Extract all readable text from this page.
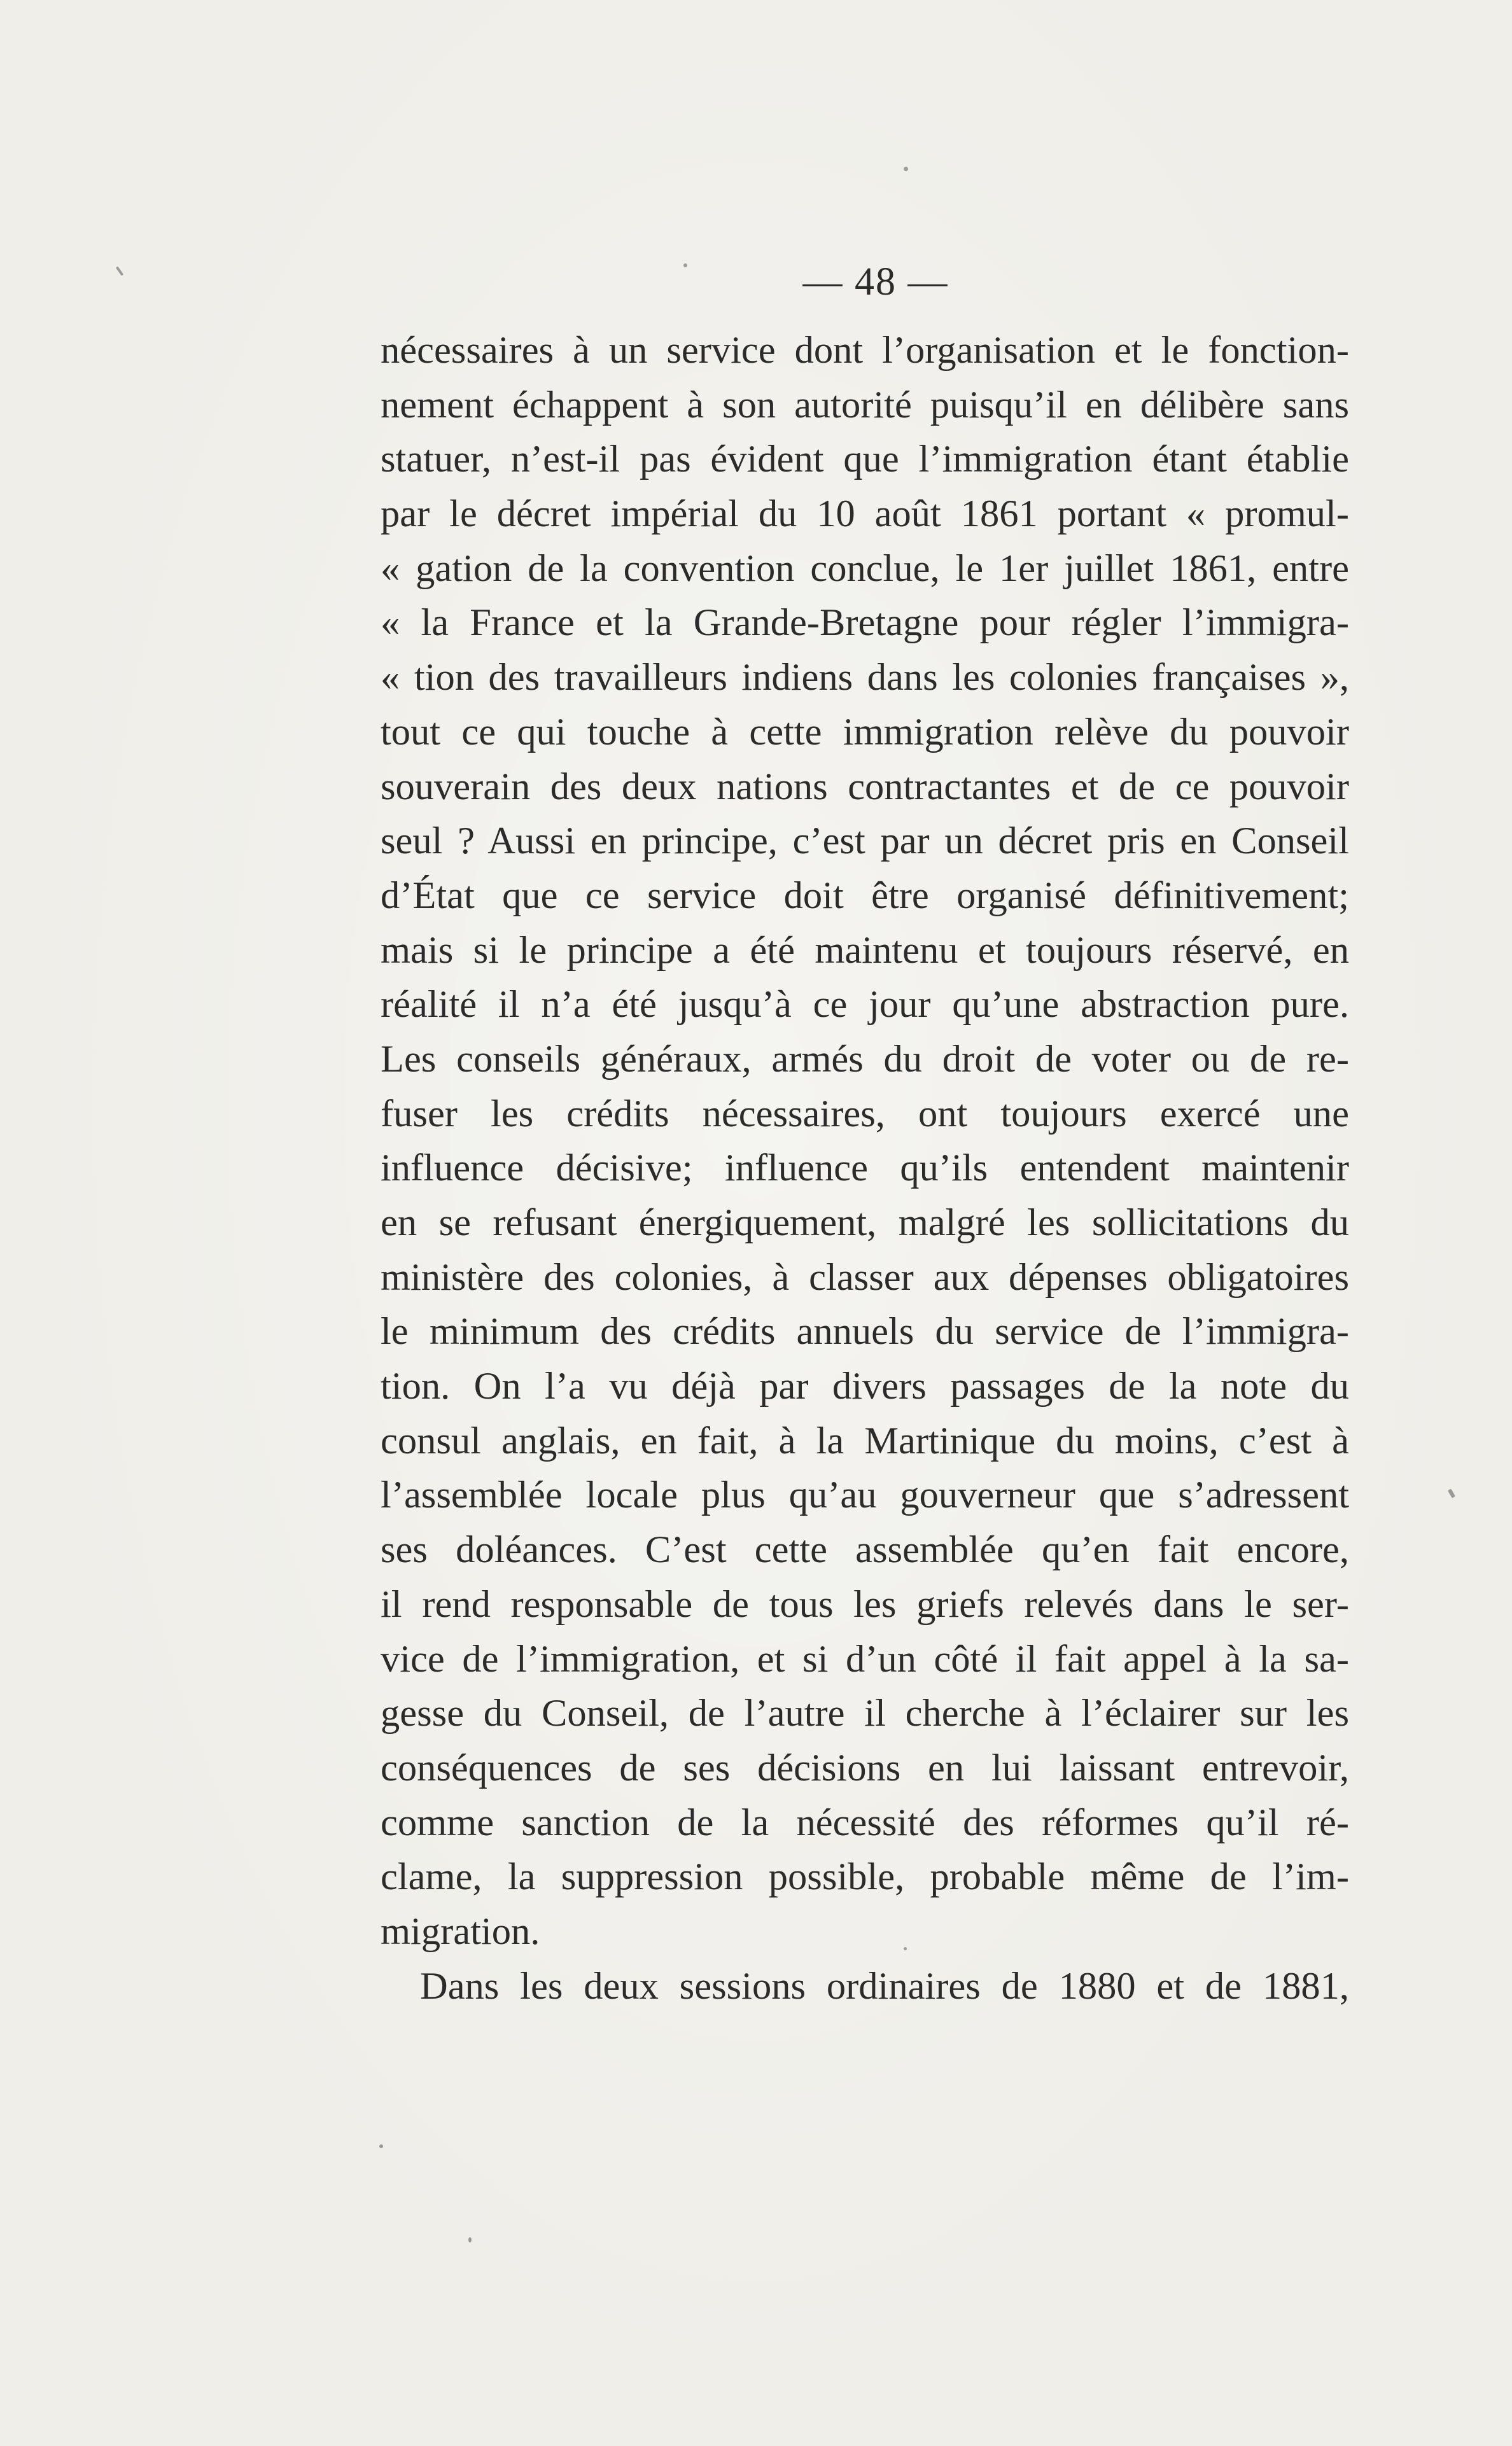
— 48 —
nécessaires à un service dont l’organisation et le fonction-
nement échappent à son autorité puisqu’il en délibère sans
statuer, n’est-il pas évident que l’immigration étant établie
par le décret impérial du 10 août 1861 portant « promul-
« gation de la convention conclue, le 1er juillet 1861, entre
« la France et la Grande-Bretagne pour régler l’immigra-
« tion des travailleurs indiens dans les colonies françaises »,
tout ce qui touche à cette immigration relève du pouvoir
souverain des deux nations contractantes et de ce pouvoir
seul ? Aussi en principe, c’est par un décret pris en Conseil
d’État que ce service doit être organisé définitivement;
mais si le principe a été maintenu et toujours réservé, en
réalité il n’a été jusqu’à ce jour qu’une abstraction pure.
Les conseils généraux, armés du droit de voter ou de re-
fuser les crédits nécessaires, ont toujours exercé une
influence décisive; influence qu’ils entendent maintenir
en se refusant énergiquement, malgré les sollicitations du
ministère des colonies, à classer aux dépenses obligatoires
le minimum des crédits annuels du service de l’immigra-
tion. On l’a vu déjà par divers passages de la note du
consul anglais, en fait, à la Martinique du moins, c’est à
l’assemblée locale plus qu’au gouverneur que s’adressent
ses doléances. C’est cette assemblée qu’en fait encore,
il rend responsable de tous les griefs relevés dans le ser-
vice de l’immigration, et si d’un côté il fait appel à la sa-
gesse du Conseil, de l’autre il cherche à l’éclairer sur les
conséquences de ses décisions en lui laissant entrevoir,
comme sanction de la nécessité des réformes qu’il ré-
clame, la suppression possible, probable même de l’im-
migration.
Dans les deux sessions ordinaires de 1880 et de 1881,
